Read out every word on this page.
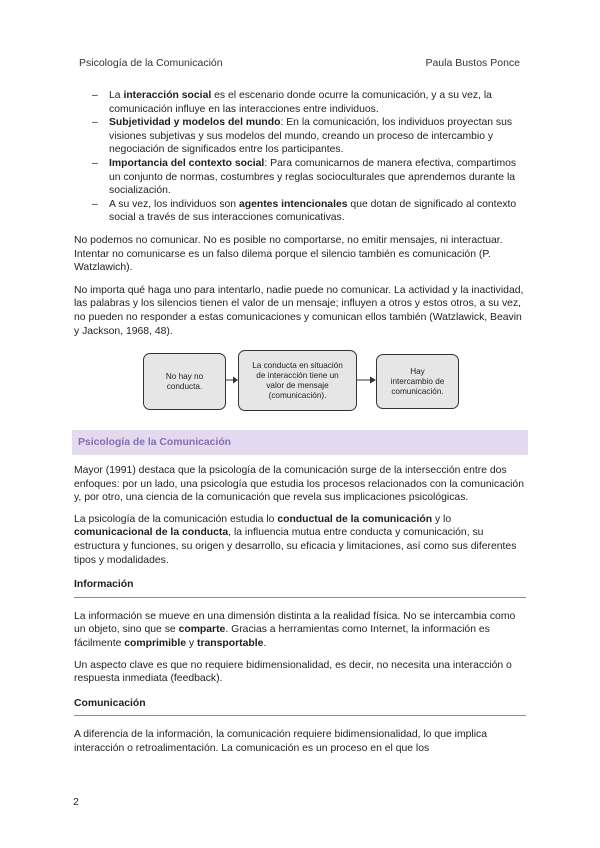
Psicología de la Comunicación	Paula Bustos Ponce
– La interacción social es el escenario donde ocurre la comunicación, y a su vez, la comunicación influye en las interacciones entre individuos.
– Subjetividad y modelos del mundo: En la comunicación, los individuos proyectan sus visiones subjetivas y sus modelos del mundo, creando un proceso de intercambio y negociación de significados entre los participantes.
– Importancia del contexto social: Para comunicarnos de manera efectiva, compartimos un conjunto de normas, costumbres y reglas socioculturales que aprendemos durante la socialización.
– A su vez, los individuos son agentes intencionales que dotan de significado al contexto social a través de sus interacciones comunicativas.

No podemos no comunicar. No es posible no comportarse, no emitir mensajes, ni interactuar. Intentar no comunicarse es un falso dilema porque el silencio también es comunicación (P. Watzlawich).

No importa qué haga uno para intentarlo, nadie puede no comunicar. La actividad y la inactividad, las palabras y los silencios tienen el valor de un mensaje; influyen a otros y estos otros, a su vez, no pueden no responder a estas comunicaciones y comunican ellos también (Watzlawick, Beavin y Jackson, 1968, 48).

No hay no conducta.
La conducta en situación de interacción tiene un valor de mensaje (comunicación).
Hay intercambio de comunicación.
Psicología de la Comunicación

Mayor (1991) destaca que la psicología de la comunicación surge de la intersección entre dos enfoques: por un lado, una psicología que estudia los procesos relacionados con la comunicación y, por otro, una ciencia de la comunicación que revela sus implicaciones psicológicas.

La psicología de la comunicación estudia lo conductual de la comunicación y lo comunicacional de la conducta, la influencia mutua entre conducta y comunicación, su estructura y funciones, su origen y desarrollo, su eficacia y limitaciones, así como sus diferentes tipos y modalidades.

Información

La información se mueve en una dimensión distinta a la realidad física. No se intercambia como un objeto, sino que se comparte. Gracias a herramientas como Internet, la información es fácilmente comprimible y transportable.

Un aspecto clave es que no requiere bidimensionalidad, es decir, no necesita una interacción o respuesta inmediata (feedback).

Comunicación

A diferencia de la información, la comunicación requiere bidimensionalidad, lo que implica interacción o retroalimentación. La comunicación es un proceso en el que los

2
